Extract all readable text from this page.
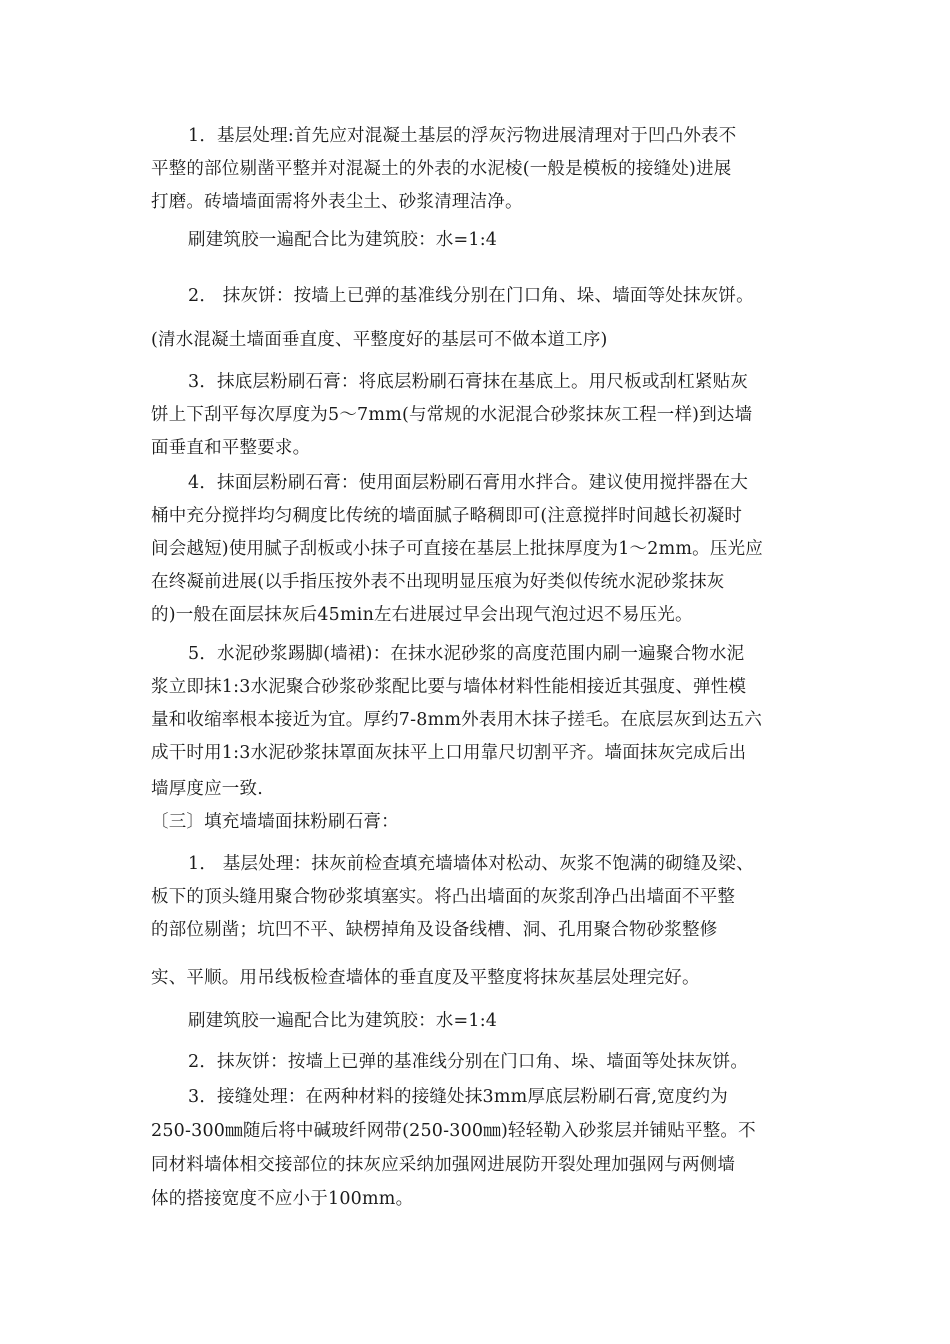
1．基层处理:首先应对混凝土基层的浮灰污物进展清理对于凹凸外表不
平整的部位剔凿平整并对混凝土的外表的水泥棱(一般是模板的接缝处)进展
打磨。砖墙墙面需将外表尘土、砂浆清理洁净。
刷建筑胶一遍配合比为建筑胶：水=1:4
2． 抹灰饼：按墙上已弹的基准线分别在门口角、垛、墙面等处抹灰饼。
(清水混凝土墙面垂直度、平整度好的基层可不做本道工序)
3．抹底层粉刷石膏：将底层粉刷石膏抹在基底上。用尺板或刮杠紧贴灰
饼上下刮平每次厚度为5～7mm(与常规的水泥混合砂浆抹灰工程一样)到达墙
面垂直和平整要求。
4．抹面层粉刷石膏：使用面层粉刷石膏用水拌合。建议使用搅拌器在大
桶中充分搅拌均匀稠度比传统的墙面腻子略稠即可(注意搅拌时间越长初凝时
间会越短)使用腻子刮板或小抹子可直接在基层上批抹厚度为1～2mm。压光应
在终凝前进展(以手指压按外表不出现明显压痕为好类似传统水泥砂浆抹灰
的)一般在面层抹灰后45min左右进展过早会出现气泡过迟不易压光。
5．水泥砂浆踢脚(墙裙)：在抹水泥砂浆的高度范围内刷一遍聚合物水泥
浆立即抹1:3水泥聚合砂浆砂浆配比要与墙体材料性能相接近其强度、弹性模
量和收缩率根本接近为宜。厚约7-8mm外表用木抹子搓毛。在底层灰到达五六
成干时用1:3水泥砂浆抹罩面灰抹平上口用靠尺切割平齐。墙面抹灰完成后出
墙厚度应一致.
〔三〕填充墙墙面抹粉刷石膏：
1． 基层处理：抹灰前检查填充墙墙体对松动、灰浆不饱满的砌缝及梁、
板下的顶头缝用聚合物砂浆填塞实。将凸出墙面的灰浆刮净凸出墙面不平整
的部位剔凿；坑凹不平、缺楞掉角及设备线槽、洞、孔用聚合物砂浆整修
实、平顺。用吊线板检查墙体的垂直度及平整度将抹灰基层处理完好。
刷建筑胶一遍配合比为建筑胶：水=1:4
2．抹灰饼：按墙上已弹的基准线分别在门口角、垛、墙面等处抹灰饼。
3．接缝处理：在两种材料的接缝处抹3mm厚底层粉刷石膏,宽度约为
250-300㎜随后将中碱玻纤网带(250-300㎜)轻轻勒入砂浆层并铺贴平整。不
同材料墙体相交接部位的抹灰应采纳加强网进展防开裂处理加强网与两侧墙
体的搭接宽度不应小于100mm。
